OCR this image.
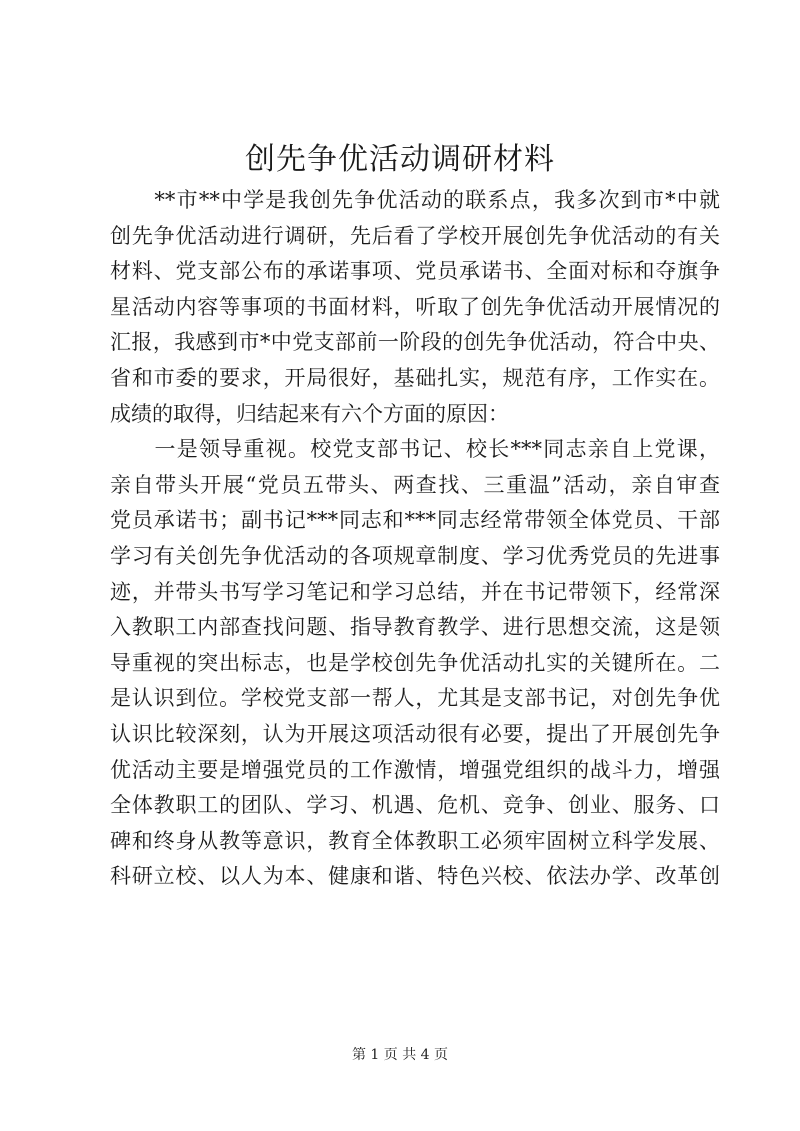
创先争优活动调研材料
　　**市**中学是我创先争优活动的联系点，我多次到市*中就
创先争优活动进行调研，先后看了学校开展创先争优活动的有关
材料、党支部公布的承诺事项、党员承诺书、全面对标和夺旗争
星活动内容等事项的书面材料，听取了创先争优活动开展情况的
汇报，我感到市*中党支部前一阶段的创先争优活动，符合中央、
省和市委的要求，开局很好，基础扎实，规范有序，工作实在。
成绩的取得，归结起来有六个方面的原因：
　　一是领导重视。校党支部书记、校长***同志亲自上党课，
亲自带头开展“党员五带头、两查找、三重温”活动，亲自审查
党员承诺书；副书记***同志和***同志经常带领全体党员、干部
学习有关创先争优活动的各项规章制度、学习优秀党员的先进事
迹，并带头书写学习笔记和学习总结，并在书记带领下，经常深
入教职工内部查找问题、指导教育教学、进行思想交流，这是领
导重视的突出标志，也是学校创先争优活动扎实的关键所在。二
是认识到位。学校党支部一帮人，尤其是支部书记，对创先争优
认识比较深刻，认为开展这项活动很有必要，提出了开展创先争
优活动主要是增强党员的工作激情，增强党组织的战斗力，增强
全体教职工的团队、学习、机遇、危机、竞争、创业、服务、口
碑和终身从教等意识，教育全体教职工必须牢固树立科学发展、
科研立校、以人为本、健康和谐、特色兴校、依法办学、改革创
第 1 页 共 4 页
